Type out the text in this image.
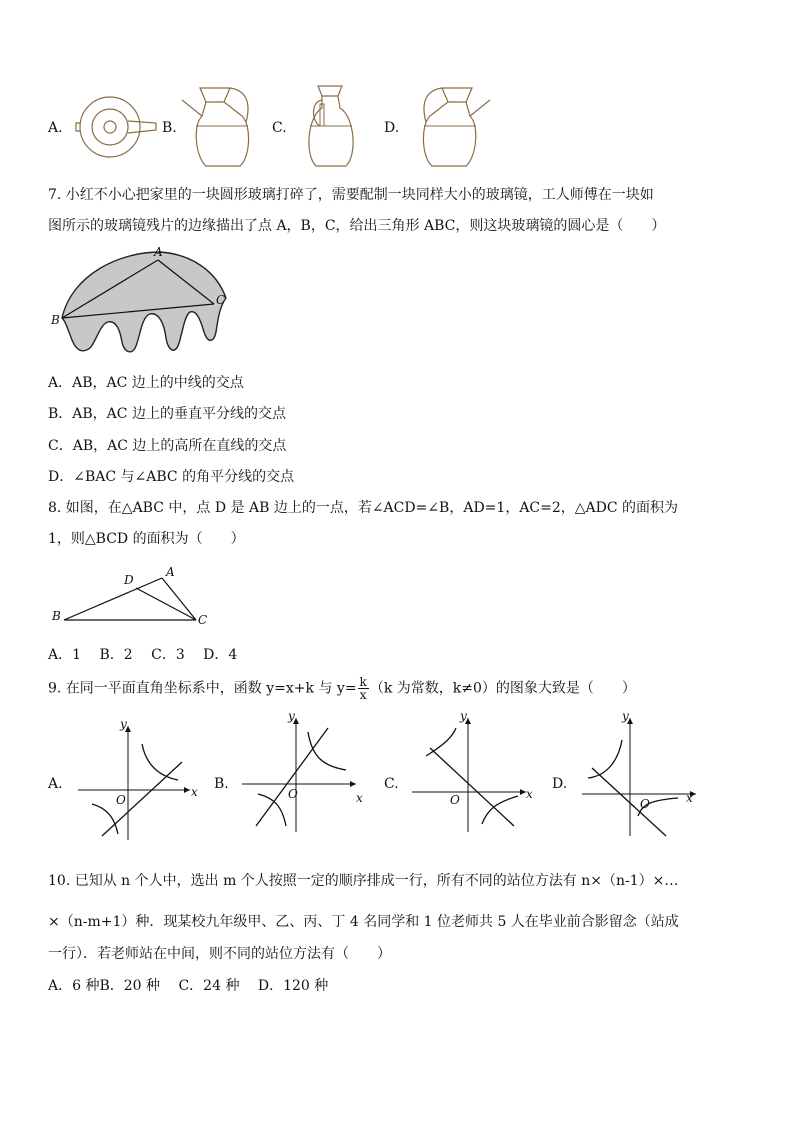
A.	B.	C.	D.
7. 小红不小心把家里的一块圆形玻璃打碎了，需要配制一块同样大小的玻璃镜，工人师傅在一块如
图所示的玻璃镜残片的边缘描出了点 A，B，C，给出三角形 ABC，则这块玻璃镜的圆心是（　　）
A
B
C
A．AB，AC 边上的中线的交点
B．AB，AC 边上的垂直平分线的交点
C．AB，AC 边上的高所在直线的交点
D．∠BAC 与∠ABC 的角平分线的交点
8. 如图，在△ABC 中，点 D 是 AB 边上的一点，若∠ACD=∠B，AD=1，AC=2，△ADC 的面积为
1，则△BCD 的面积为（　　）
A
D
B	C
A．1　 B．2　 C．3　 D．4
9. 在同一平面直角坐标系中，函数 y=x+k 与 $y= \frac{k}{x} (k$ 为常数，k≠0）的图象大致是（　　）
A.	x
y
O
B.
x
y
O
C.
x
y
O
D.
x
y
O
10. 已知从 n 个人中，选出 m 个人按照一定的顺序排成一行，所有不同的站位方法有 n×（n-1）×…
×（n-m+1）种．现某校九年级甲、乙、丙、丁 4 名同学和 1 位老师共 5 人在毕业前合影留念（站成
一行）．若老师站在中间，则不同的站位方法有（　　）
A．6 种B．20 种　 C．24 种　 D．120 种
